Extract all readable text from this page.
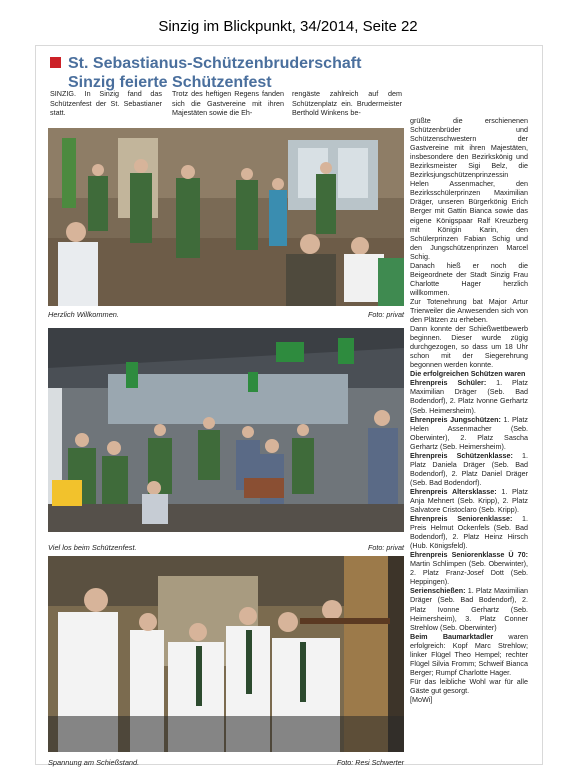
Sinzig im Blickpunkt, 34/2014, Seite 22
St. Sebastianus-Schützenbruderschaft
Sinzig feierte Schützenfest
SINZIG. In Sinzig fand das Schützenfest der St. Sebastianer statt.
Trotz des heftigen Regens fanden sich die Gastvereine mit ihren Majestäten sowie die Eh-
rengäste zahlreich auf dem Schützenplatz ein. Brudermeister Berthold Winkens be-
Herzlich Willkommen.	Foto: privat
Viel los beim Schützenfest.	Foto: privat
Spannung am Schießstand.	Foto: Resi Schwerter

grüßte die erschienenen Schützenbrüder und Schützenschwestern der Gastvereine mit ihren Majestäten, insbesondere den Bezirkskönig und Bezirksmeister Sigi Belz, die Bezirksjungschützenprinzessin Helen Assenmacher, den Bezirksschülerprinzen Maximilian Dräger, unseren Bürgerkönig Erich Berger mit Gattin Bianca sowie das eigene Königspaar Ralf Kreuzberg mit Königin Karin, den Schülerprinzen Fabian Schig und den Jungschützenprinzen Marcel Schig.

Danach hieß er noch die Beigeordnete der Stadt Sinzig Frau Charlotte Hager herzlich willkommen.

Zur Totenehrung bat Major Artur Trierweiler die Anwesenden sich von den Plätzen zu erheben.

Dann konnte der Schießwettbewerb beginnen. Dieser wurde zügig durchgezogen, so dass um 18 Uhr schon mit der Siegerehrung begonnen werden konnte.

Die erfolgreichen Schützen waren

Ehrenpreis Schüler: 1. Platz Maximilian Dräger (Seb. Bad Bodendorf), 2. Platz Ivonne Gerhartz (Seb. Heimersheim).

Ehrenpreis Jungschützen: 1. Platz Helen Assenmacher (Seb. Oberwinter), 2. Platz Sascha Gerhartz (Seb. Heimersheim).

Ehrenpreis Schützenklasse: 1. Platz Daniela Dräger (Seb. Bad Bodendorf), 2. Platz Daniel Dräger (Seb. Bad Bodendorf).

Ehrenpreis Altersklasse: 1. Platz Anja Mehnert (Seb. Kripp), 2. Platz Salvatore Cristoclaro (Seb. Kripp).

Ehrenpreis Seniorenklasse: 1. Preis Helmut Ockenfels (Seb. Bad Bodendorf), 2. Platz Heinz Hirsch (Hub. Königsfeld).

Ehrenpreis Seniorenklasse Ü 70: Martin Schlimpen (Seb. Oberwinter), 2. Platz Franz-Josef Dott (Seb. Heppingen).

Serienschießen: 1. Platz Maximilian Dräger (Seb. Bad Bodendorf), 2. Platz Ivonne Gerhartz (Seb. Heimersheim), 3. Platz Conner Strehlow (Seb. Oberwinter)

Beim Baumarktadler waren erfolgreich: Kopf Marc Strehlow; linker Flügel Theo Hempel; rechter Flügel Silvia Fromm; Schweif Bianca Berger; Rumpf Charlotte Hager.

Für das leibliche Wohl war für alle Gäste gut gesorgt.

[MoWi]
